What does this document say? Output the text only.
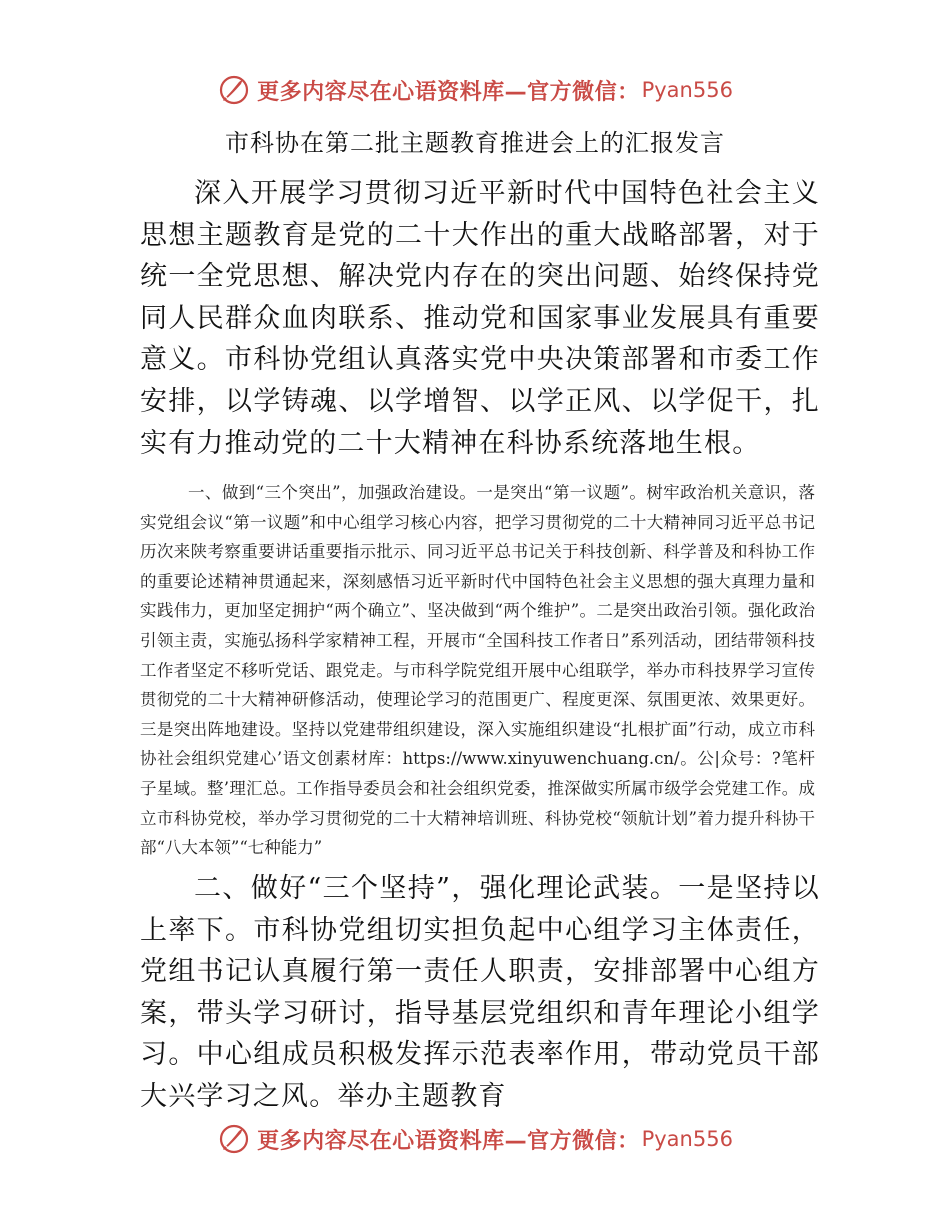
更多内容尽在心语资料库—官方微信： Pyan556
市科协在第二批主题教育推进会上的汇报发言

深入开展学习贯彻习近平新时代中国特色社会主义思想主题教育是党的二十大作出的重大战略部署，对于统一全党思想、解决党内存在的突出问题、始终保持党同人民群众血肉联系、推动党和国家事业发展具有重要意义。市科协党组认真落实党中央决策部署和市委工作安排，以学铸魂、以学增智、以学正风、以学促干，扎实有力推动党的二十大精神在科协系统落地生根。

一、做到“三个突出”，加强政治建设。一是突出“第一议题”。树牢政治机关意识，落实党组会议“第一议题”和中心组学习核心内容，把学习贯彻党的二十大精神同习近平总书记历次来陕考察重要讲话重要指示批示、同习近平总书记关于科技创新、科学普及和科协工作的重要论述精神贯通起来，深刻感悟习近平新时代中国特色社会主义思想的强大真理力量和实践伟力，更加坚定拥护“两个确立”、坚决做到“两个维护”。二是突出政治引领。强化政治引领主责，实施弘扬科学家精神工程，开展市“全国科技工作者日”系列活动，团结带领科技工作者坚定不移听党话、跟党走。与市科学院党组开展中心组联学，举办市科技界学习宣传贯彻党的二十大精神研修活动，使理论学习的范围更广、程度更深、氛围更浓、效果更好。三是突出阵地建设。坚持以党建带组织建设，深入实施组织建设“扎根扩面”行动，成立市科协社会组织党建心’语文创素材库：https://www.xinyuwenchuang.cn/。公|众号：?笔杆子星域。整’理汇总。工作指导委员会和社会组织党委，推深做实所属市级学会党建工作。成立市科协党校，举办学习贯彻党的二十大精神培训班、科协党校“领航计划”着力提升科协干部“八大本领”“七种能力”

二、做好“三个坚持”，强化理论武装。一是坚持以上率下。市科协党组切实担负起中心组学习主体责任，党组书记认真履行第一责任人职责，安排部署中心组方案，带头学习研讨，指导基层党组织和青年理论小组学习。中心组成员积极发挥示范表率作用，带动党员干部大兴学习之风。举办主题教育

更多内容尽在心语资料库—官方微信： Pyan556
